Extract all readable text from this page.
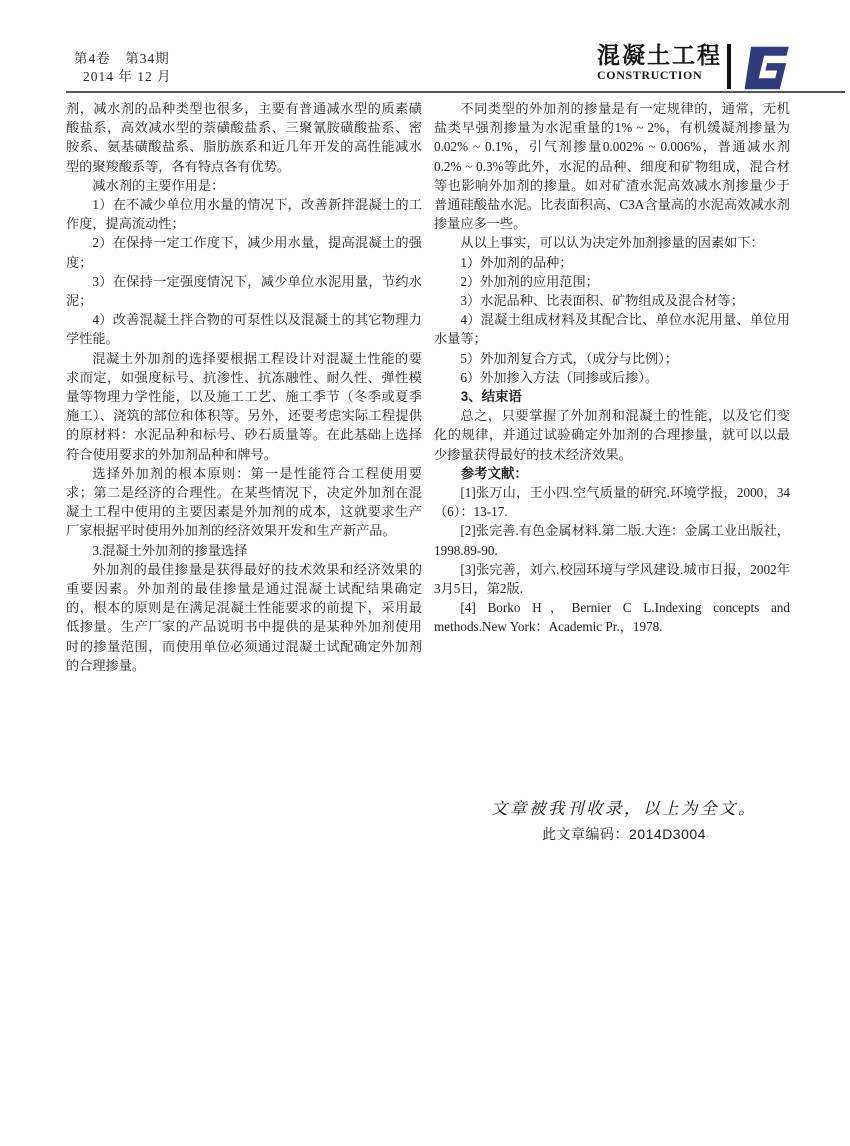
第4卷　第34期
2014 年 12 月
混凝土工程
CONSTRUCTION

剂，减水剂的品种类型也很多，主要有普通减水型的质素磺酸盐系，高效减水型的萘磺酸盐系、三聚氰胺磺酸盐系、密胺系、氨基磺酸盐系、脂肪族系和近几年开发的高性能减水型的聚羧酸系等，各有特点各有优势。

减水剂的主要作用是：

1）在不减少单位用水量的情况下，改善新拌混凝土的工作度，提高流动性；

2）在保持一定工作度下，减少用水量，提高混凝土的强度；

3）在保持一定强度情况下，减少单位水泥用量，节约水泥；

4）改善混凝土拌合物的可泵性以及混凝土的其它物理力学性能。

混凝土外加剂的选择要根据工程设计对混凝土性能的要求而定，如强度标号、抗渗性、抗冻融性、耐久性、弹性模量等物理力学性能，以及施工工艺、施工季节（冬季或夏季施工）、浇筑的部位和体积等。另外，还要考虑实际工程提供的原材料：水泥品种和标号、砂石质量等。在此基础上选择符合使用要求的外加剂品种和牌号。

选择外加剂的根本原则：第一是性能符合工程使用要求；第二是经济的合理性。在某些情况下，决定外加剂在混凝土工程中使用的主要因素是外加剂的成本，这就要求生产厂家根据平时使用外加剂的经济效果开发和生产新产品。

3.混凝土外加剂的掺量选择

外加剂的最佳掺量是获得最好的技术效果和经济效果的重要因素。外加剂的最佳掺量是通过混凝土试配结果确定的，根本的原则是在满足混凝土性能要求的前提下，采用最低掺量。生产厂家的产品说明书中提供的是某种外加剂使用时的掺量范围，而使用单位必须通过混凝土试配确定外加剂的合理掺量。

不同类型的外加剂的掺量是有一定规律的，通常，无机盐类早强剂掺量为水泥重量的1% ~ 2%，有机缓凝剂掺量为0.02% ~ 0.1%，引气剂掺量0.002% ~ 0.006%，普通减水剂0.2% ~ 0.3%等此外，水泥的品种、细度和矿物组成，混合材等也影响外加剂的掺量。如对矿渣水泥高效减水剂掺量少于普通硅酸盐水泥。比表面积高、C3A含量高的水泥高效减水剂掺量应多一些。

从以上事实，可以认为决定外加剂掺量的因素如下：

1）外加剂的品种；

2）外加剂的应用范围；

3）水泥品种、比表面积、矿物组成及混合材等；

4）混凝土组成材料及其配合比、单位水泥用量、单位用水量等；

5）外加剂复合方式，（成分与比例）；

6）外加掺入方法（同掺或后掺）。

3、结束语

总之，只要掌握了外加剂和混凝土的性能，以及它们变化的规律，并通过试验确定外加剂的合理掺量，就可以以最少掺量获得最好的技术经济效果。

参考文献：

[1]张万山，王小四.空气质量的研究.环境学报，2000，34（6）：13-17.

[2]张完善.有色金属材料.第二版.大连：金属工业出版社，1998.89-90.

[3]张完善，刘六.校园环境与学风建设.城市日报，2002年3月5日，第2版.

[4] Borko H，Bernier C L.Indexing concepts and methods.New York：Academic Pr.，1978.

文章被我刊收录，以上为全文。
此文章编码：2014D3004
